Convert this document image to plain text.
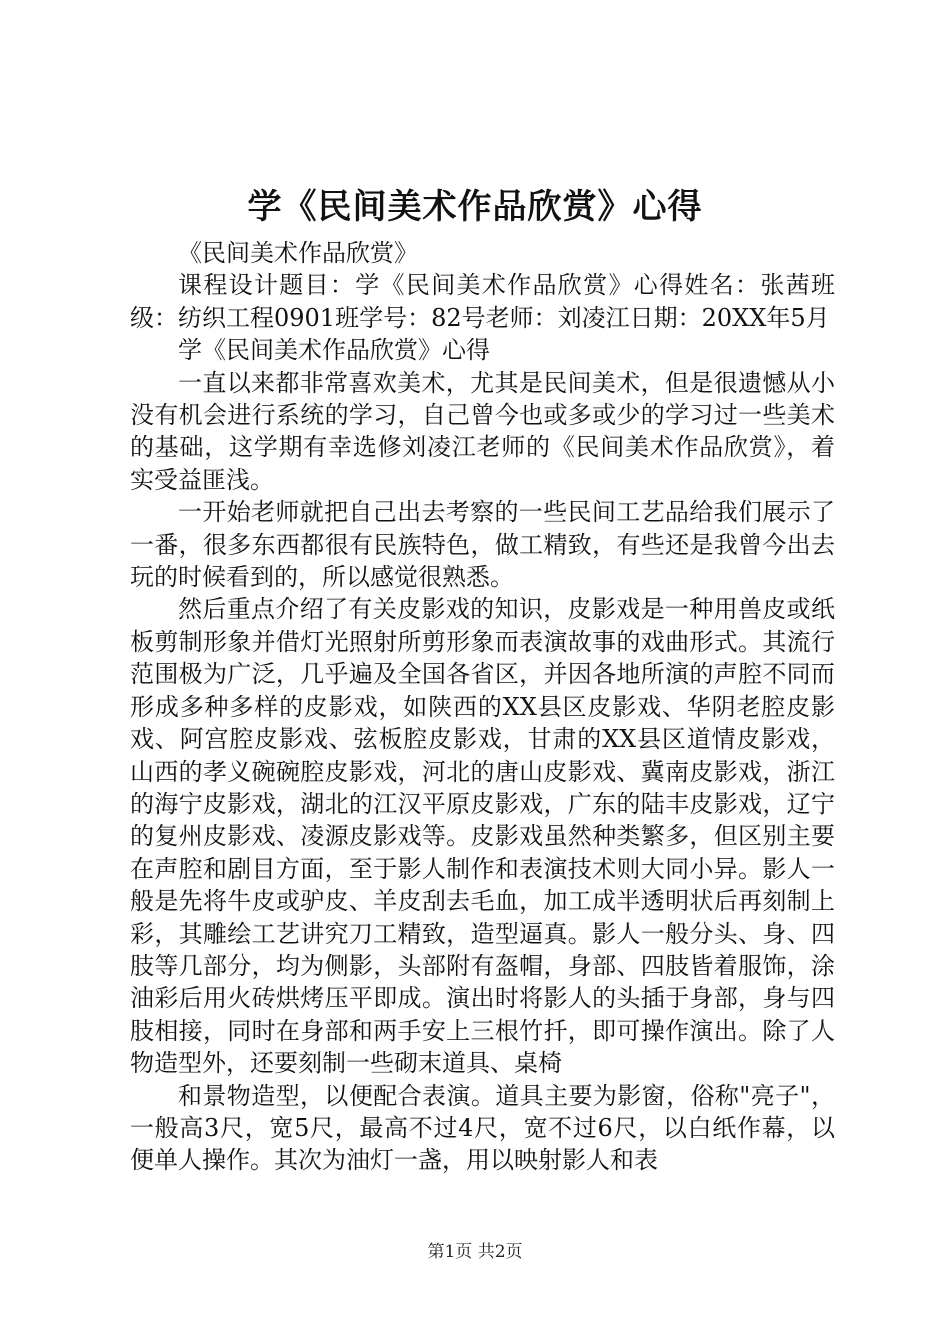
学《民间美术作品欣赏》心得

《民间美术作品欣赏》

课程设计题目：学《民间美术作品欣赏》心得姓名：张茜班级：纺织工程0901班学号：82号老师：刘凌江日期：20XX年5月

学《民间美术作品欣赏》心得

一直以来都非常喜欢美术，尤其是民间美术，但是很遗憾从小没有机会进行系统的学习，自己曾今也或多或少的学习过一些美术的基础，这学期有幸选修刘凌江老师的《民间美术作品欣赏》，着实受益匪浅。

一开始老师就把自己出去考察的一些民间工艺品给我们展示了一番，很多东西都很有民族特色，做工精致，有些还是我曾今出去玩的时候看到的，所以感觉很熟悉。

然后重点介绍了有关皮影戏的知识，皮影戏是一种用兽皮或纸板剪制形象并借灯光照射所剪形象而表演故事的戏曲形式。其流行范围极为广泛，几乎遍及全国各省区，并因各地所演的声腔不同而形成多种多样的皮影戏，如陕西的XX县区皮影戏、华阴老腔皮影戏、阿宫腔皮影戏、弦板腔皮影戏，甘肃的XX县区道情皮影戏，山西的孝义碗碗腔皮影戏，河北的唐山皮影戏、冀南皮影戏，浙江的海宁皮影戏，湖北的江汉平原皮影戏，广东的陆丰皮影戏，辽宁的复州皮影戏、凌源皮影戏等。皮影戏虽然种类繁多，但区别主要在声腔和剧目方面，至于影人制作和表演技术则大同小异。影人一般是先将牛皮或驴皮、羊皮刮去毛血，加工成半透明状后再刻制上彩，其雕绘工艺讲究刀工精致，造型逼真。影人一般分头、身、四肢等几部分，均为侧影，头部附有盔帽，身部、四肢皆着服饰，涂油彩后用火砖烘烤压平即成。演出时将影人的头插于身部，身与四肢相接，同时在身部和两手安上三根竹扦，即可操作演出。除了人物造型外，还要刻制一些砌末道具、桌椅

和景物造型，以便配合表演。道具主要为影窗，俗称"亮子"，一般高3尺，宽5尺，最高不过4尺，宽不过6尺，以白纸作幕，以便单人操作。其次为油灯一盏，用以映射影人和表

第1页 共2页
